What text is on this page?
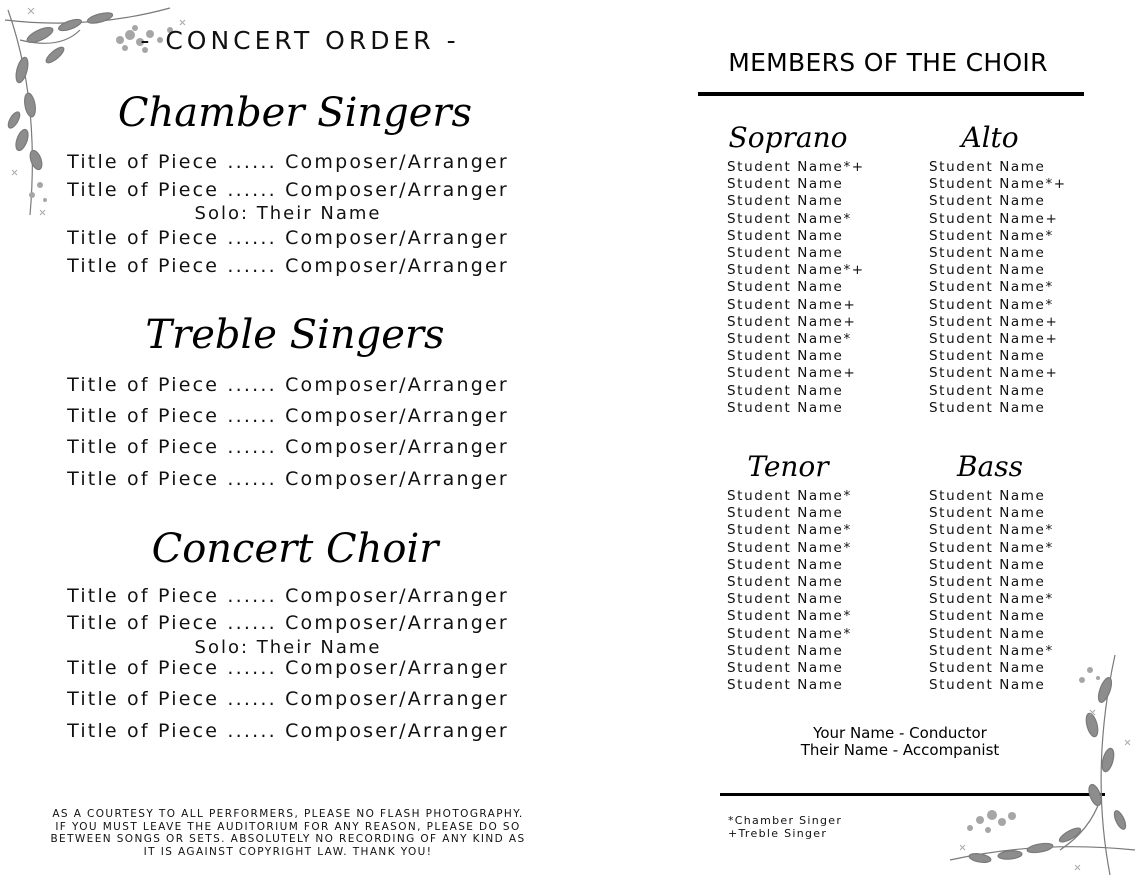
- CONCERT ORDER -
Chamber Singers
Title of Piece ...... Composer/Arranger
Title of Piece ...... Composer/Arranger
Solo: Their Name
Title of Piece ...... Composer/Arranger
Title of Piece ...... Composer/Arranger
Treble Singers
Title of Piece ...... Composer/Arranger
Title of Piece ...... Composer/Arranger
Title of Piece ...... Composer/Arranger
Title of Piece ...... Composer/Arranger
Concert Choir
Title of Piece ...... Composer/Arranger
Title of Piece ...... Composer/Arranger
Solo: Their Name
Title of Piece ...... Composer/Arranger
Title of Piece ...... Composer/Arranger
Title of Piece ...... Composer/Arranger
AS A COURTESY TO ALL PERFORMERS, PLEASE NO FLASH PHOTOGRAPHY. IF YOU MUST LEAVE THE AUDITORIUM FOR ANY REASON, PLEASE DO SO BETWEEN SONGS OR SETS. ABSOLUTELY NO RECORDING OF ANY KIND AS IT IS AGAINST COPYRIGHT LAW. THANK YOU!
MEMBERS OF THE CHOIR
Soprano
Student Name*+
Student Name
Student Name
Student Name*
Student Name
Student Name
Student Name*+
Student Name
Student Name+
Student Name+
Student Name*
Student Name
Student Name+
Student Name
Student Name
Alto
Student Name
Student Name*+
Student Name
Student Name+
Student Name*
Student Name
Student Name
Student Name*
Student Name*
Student Name+
Student Name+
Student Name
Student Name+
Student Name
Student Name
Tenor
Student Name*
Student Name
Student Name*
Student Name*
Student Name
Student Name
Student Name
Student Name*
Student Name*
Student Name
Student Name
Student Name
Bass
Student Name
Student Name
Student Name*
Student Name*
Student Name
Student Name
Student Name*
Student Name
Student Name
Student Name*
Student Name
Student Name
Your Name - Conductor
Their Name - Accompanist
*Chamber Singer
+Treble Singer
